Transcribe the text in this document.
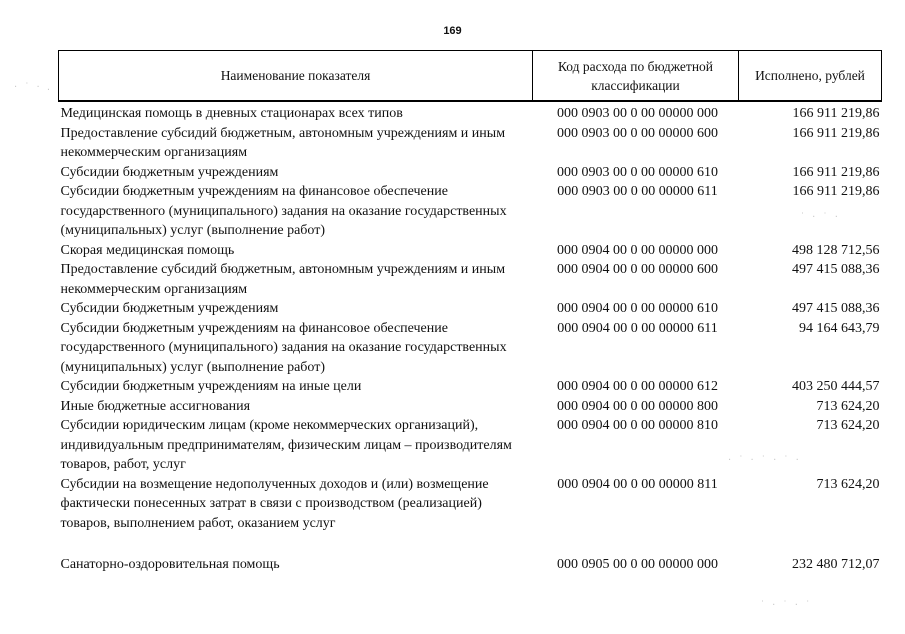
169
Наименование показателя	Код расхода по бюджетной классификации	Исполнено, рублей
Медицинская помощь в дневных стационарах всех типов	000 0903 00 0 00 00000 000	166 911 219,86
Предоставление субсидий бюджетным, автономным учреждениям и иным некоммерческим организациям	000 0903 00 0 00 00000 600	166 911 219,86
Субсидии бюджетным учреждениям	000 0903 00 0 00 00000 610	166 911 219,86
Субсидии бюджетным учреждениям на финансовое обеспечение государственного (муниципального) задания на оказание государственных (муниципальных) услуг (выполнение работ)	000 0903 00 0 00 00000 611	166 911 219,86
Скорая медицинская помощь	000 0904 00 0 00 00000 000	498 128 712,56
Предоставление субсидий бюджетным, автономным учреждениям и иным некоммерческим организациям	000 0904 00 0 00 00000 600	497 415 088,36
Субсидии бюджетным учреждениям	000 0904 00 0 00 00000 610	497 415 088,36
Субсидии бюджетным учреждениям на финансовое обеспечение государственного (муниципального) задания на оказание государственных (муниципальных) услуг (выполнение работ)	000 0904 00 0 00 00000 611	94 164 643,79
Субсидии бюджетным учреждениям на иные цели	000 0904 00 0 00 00000 612	403 250 444,57
Иные бюджетные ассигнования	000 0904 00 0 00 00000 800	713 624,20
Субсидии юридическим лицам (кроме некоммерческих организаций), индивидуальным предпринимателям, физическим лицам – производителям товаров, работ, услуг	000 0904 00 0 00 00000 810	713 624,20
Субсидии на возмещение недополученных доходов и (или) возмещение фактически понесенных затрат в связи с производством (реализацией) товаров, выполнением работ, оказанием услуг	000 0904 00 0 00 00000 811	713 624,20

Санаторно-оздоровительная помощь	000 0905 00 0 00 00000 000	232 480 712,07
· ˙ · .
˙ · ˙ ·
· ˙ · ˙ · ˙ ·
˙ · ˙ · ˙
